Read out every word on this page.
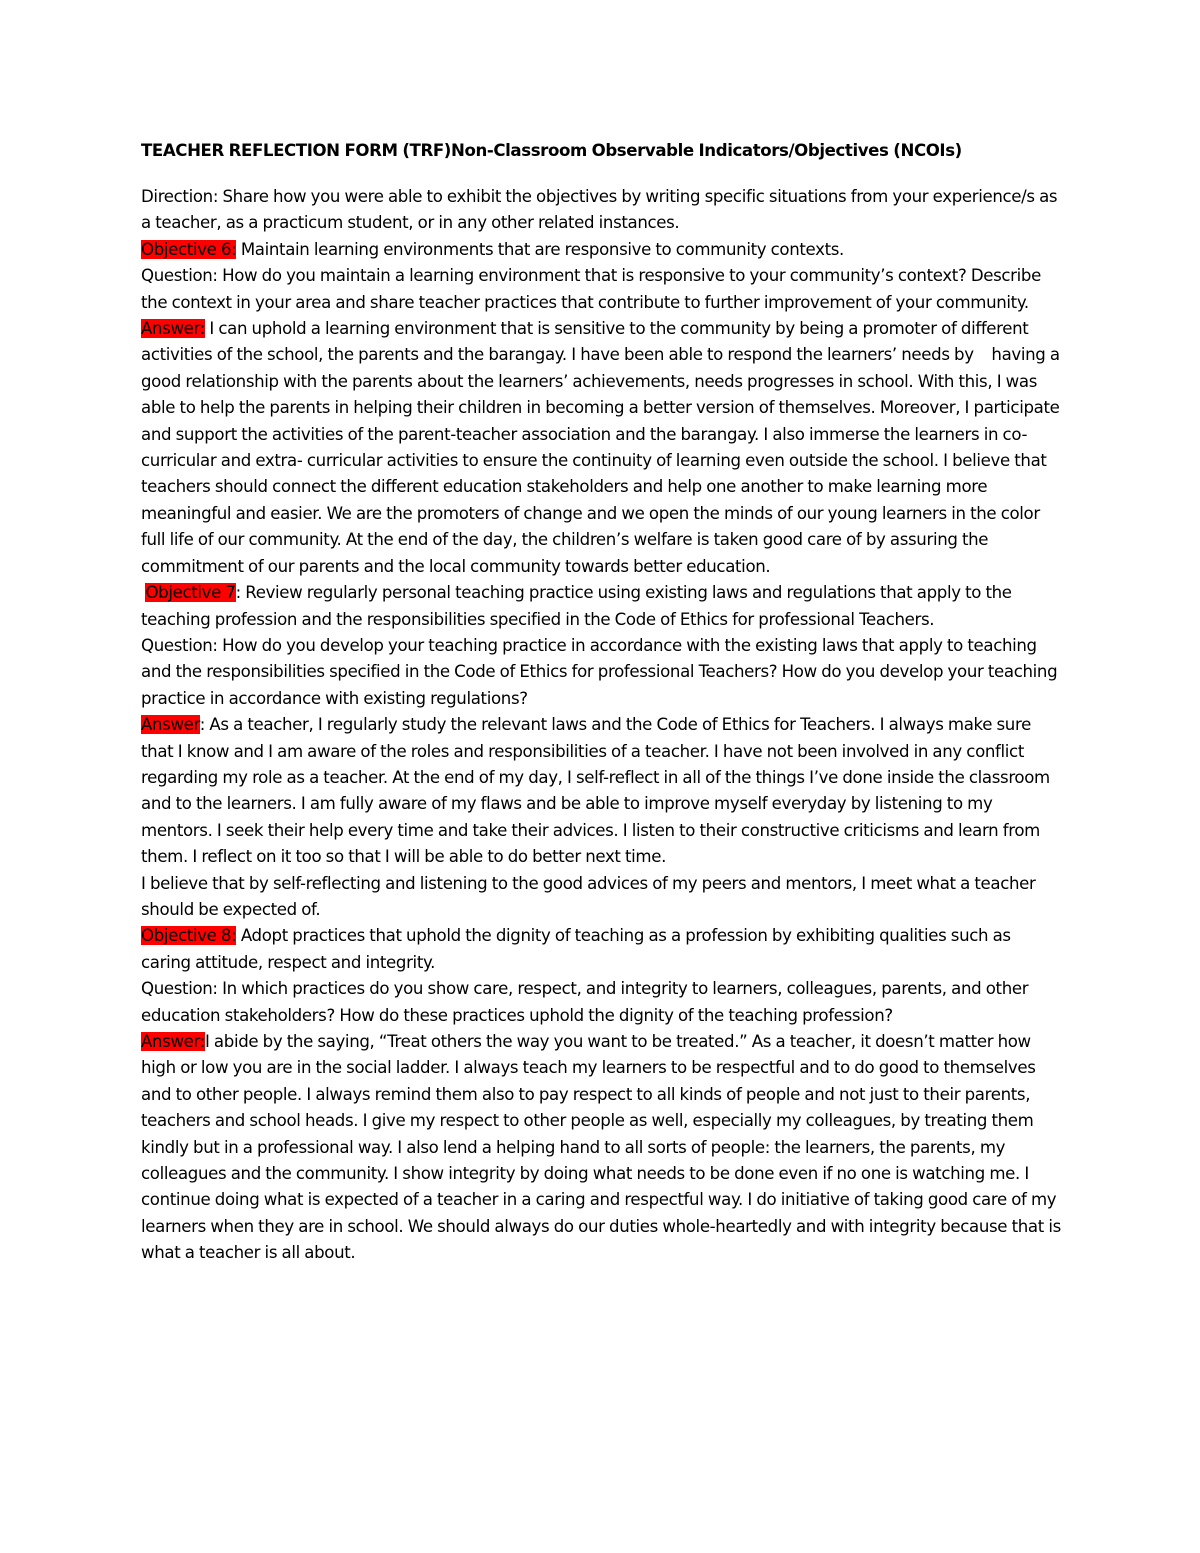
TEACHER REFLECTION FORM (TRF)Non-Classroom Observable Indicators/Objectives (NCOIs)

Direction: Share how you were able to exhibit the objectives by writing specific situations from your experience/s as a teacher, as a practicum student, or in any other related instances.

Objective 6: Maintain learning environments that are responsive to community contexts.

Question: How do you maintain a learning environment that is responsive to your community’s context? Describe the context in your area and share teacher practices that contribute to further improvement of your community.

Answer: I can uphold a learning environment that is sensitive to the community by being a promoter of different activities of the school, the parents and the barangay. I have been able to respond the learners’ needs by    having a good relationship with the parents about the learners’ achievements, needs progresses in school. With this, I was able to help the parents in helping their children in becoming a better version of themselves. Moreover, I participate and support the activities of the parent-teacher association and the barangay. I also immerse the learners in co-curricular and extra- curricular activities to ensure the continuity of learning even outside the school. I believe that teachers should connect the different education stakeholders and help one another to make learning more meaningful and easier. We are the promoters of change and we open the minds of our young learners in the color full life of our community. At the end of the day, the children’s welfare is taken good care of by assuring the commitment of our parents and the local community towards better education.

Objective 7: Review regularly personal teaching practice using existing laws and regulations that apply to the teaching profession and the responsibilities specified in the Code of Ethics for professional Teachers.

Question: How do you develop your teaching practice in accordance with the existing laws that apply to teaching and the responsibilities specified in the Code of Ethics for professional Teachers? How do you develop your teaching practice in accordance with existing regulations?

Answer: As a teacher, I regularly study the relevant laws and the Code of Ethics for Teachers. I always make sure that I know and I am aware of the roles and responsibilities of a teacher. I have not been involved in any conflict regarding my role as a teacher. At the end of my day, I self-reflect in all of the things I’ve done inside the classroom and to the learners. I am fully aware of my flaws and be able to improve myself everyday by listening to my mentors. I seek their help every time and take their advices. I listen to their constructive criticisms and learn from them. I reflect on it too so that I will be able to do better next time.

I believe that by self-reflecting and listening to the good advices of my peers and mentors, I meet what a teacher should be expected of.

Objective 8: Adopt practices that uphold the dignity of teaching as a profession by exhibiting qualities such as caring attitude, respect and integrity.

Question: In which practices do you show care, respect, and integrity to learners, colleagues, parents, and other education stakeholders? How do these practices uphold the dignity of the teaching profession?

Answer:I abide by the saying, “Treat others the way you want to be treated.” As a teacher, it doesn’t matter how high or low you are in the social ladder. I always teach my learners to be respectful and to do good to themselves and to other people. I always remind them also to pay respect to all kinds of people and not just to their parents, teachers and school heads. I give my respect to other people as well, especially my colleagues, by treating them kindly but in a professional way. I also lend a helping hand to all sorts of people: the learners, the parents, my colleagues and the community. I show integrity by doing what needs to be done even if no one is watching me. I continue doing what is expected of a teacher in a caring and respectful way. I do initiative of taking good care of my learners when they are in school. We should always do our duties whole-heartedly and with integrity because that is what a teacher is all about.
